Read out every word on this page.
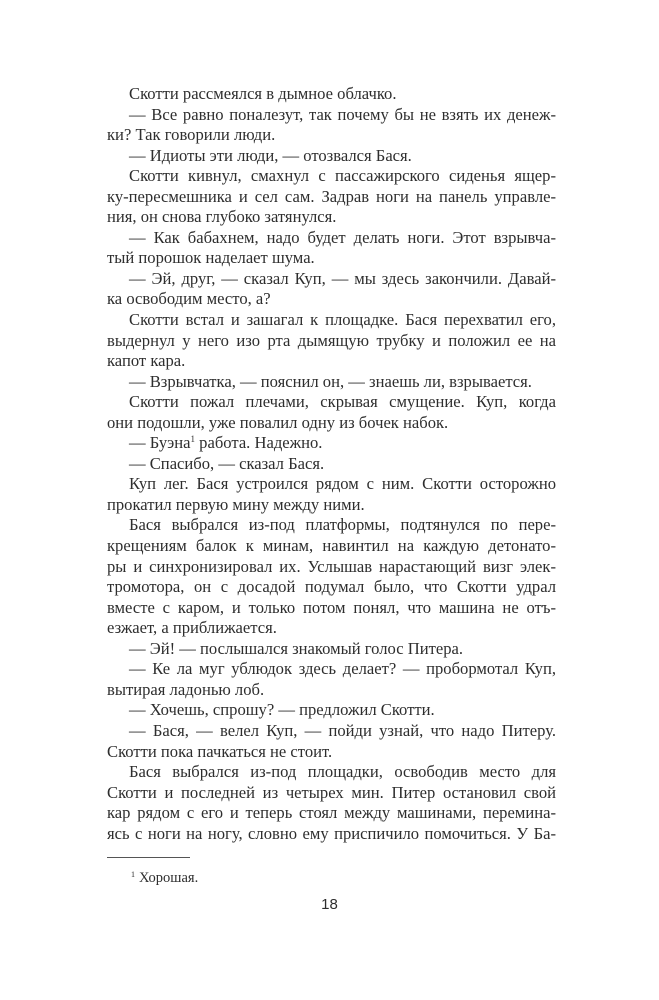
Скотти рассмеялся в дымное облачко.
— Все равно поналезут, так почему бы не взять их денеж-
ки? Так говорили люди.
— Идиоты эти люди, — отозвался Бася.
Скотти кивнул, смахнул с пассажирского сиденья ящер-
ку-пересмешника и сел сам. Задрав ноги на панель управле-
ния, он снова глубоко затянулся.
— Как бабахнем, надо будет делать ноги. Этот взрывча-
тый порошок наделает шума.
— Эй, друг, — сказал Куп, — мы здесь закончили. Давай-
ка освободим место, а?
Скотти встал и зашагал к площадке. Бася перехватил его,
выдернул у него изо рта дымящую трубку и положил ее на
капот кара.
— Взрывчатка, — пояснил он, — знаешь ли, взрывается.
Скотти пожал плечами, скрывая смущение. Куп, когда
они подошли, уже повалил одну из бочек набок.
— Буэна$^1$ работа. Надежно.
— Спасибо, — сказал Бася.
Куп лег. Бася устроился рядом с ним. Скотти осторожно
прокатил первую мину между ними.
Бася выбрался из-под платформы, подтянулся по пере-
крещениям балок к минам, навинтил на каждую детонато-
ры и синхронизировал их. Услышав нарастающий визг элек-
тромотора, он с досадой подумал было, что Скотти удрал
вместе с каром, и только потом понял, что машина не отъ-
езжает, а приближается.
— Эй! — послышался знакомый голос Питера.
— Ке ла муг ублюдок здесь делает? — пробормотал Куп,
вытирая ладонью лоб.
— Хочешь, спрошу? — предложил Скотти.
— Бася, — велел Куп, — пойди узнай, что надо Питеру.
Скотти пока пачкаться не стоит.
Бася выбрался из-под площадки, освободив место для
Скотти и последней из четырех мин. Питер остановил свой
кар рядом с его и теперь стоял между машинами, перемина-
ясь с ноги на ногу, словно ему приспичило помочиться. У Ба-
$^1$ Хорошая.
18
